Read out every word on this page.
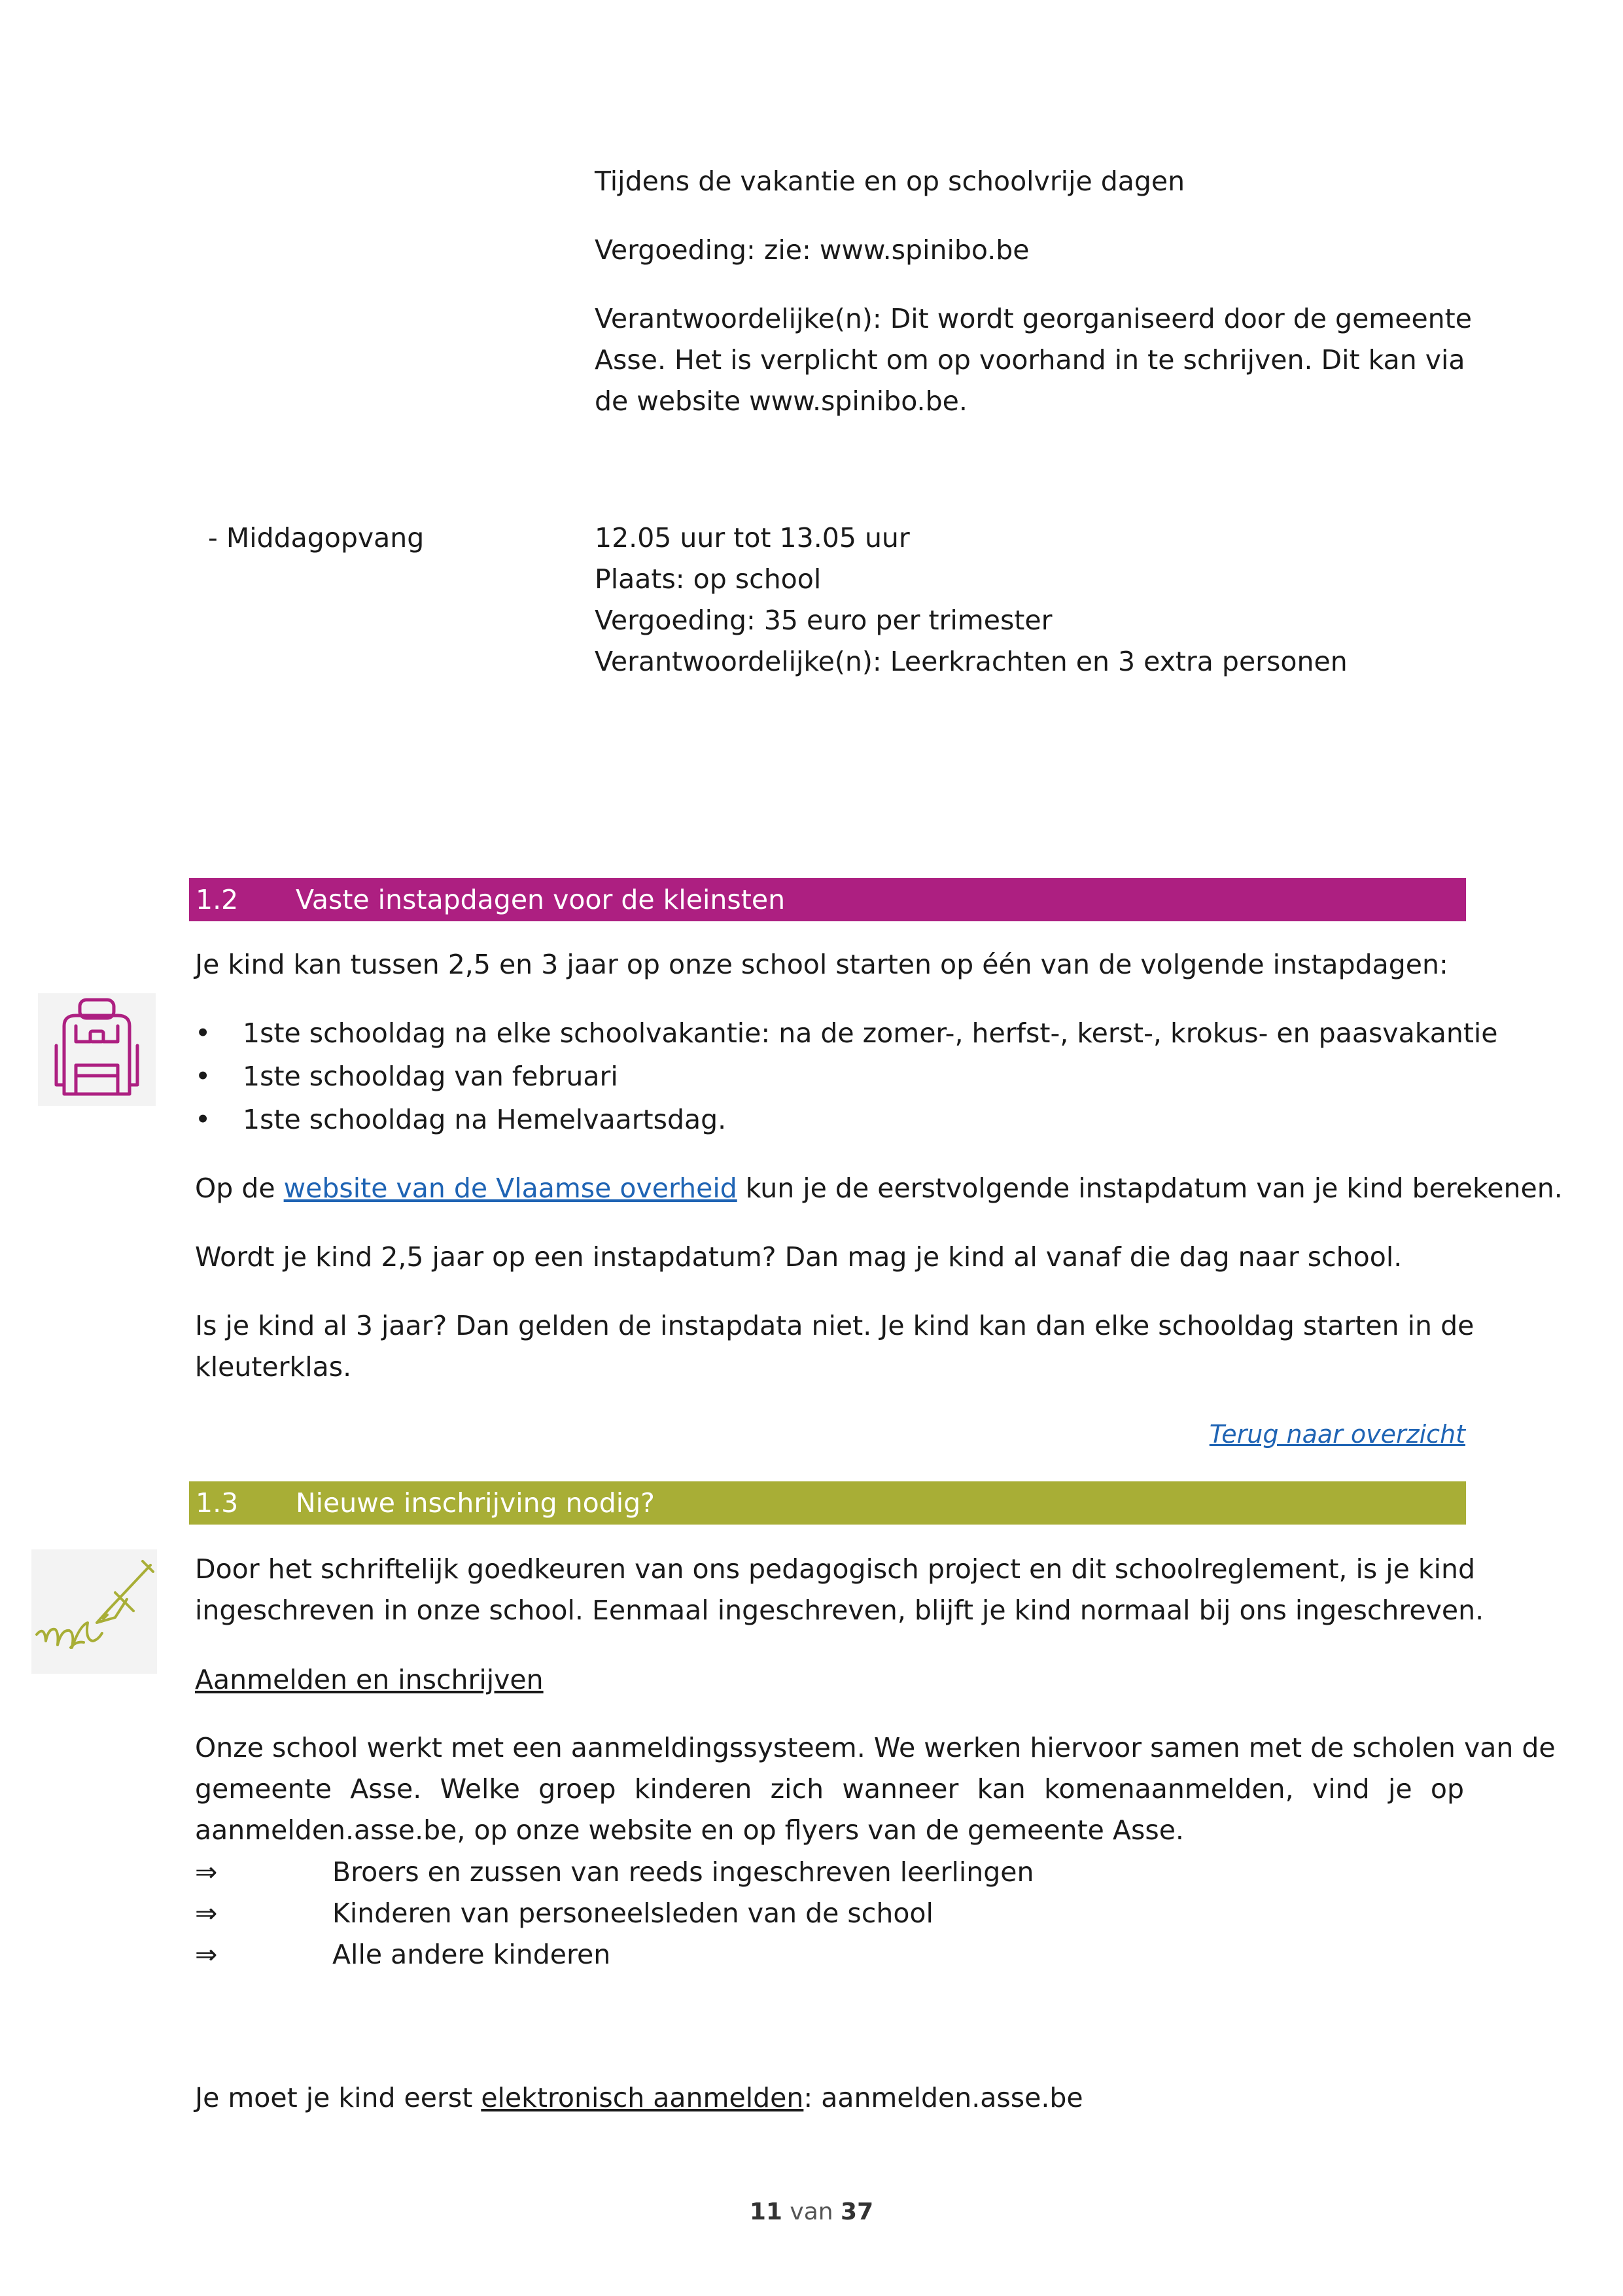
Tijdens de vakantie en op schoolvrije dagen

Vergoeding: zie: www.spinibo.be

Verantwoordelijke(n): Dit wordt georganiseerd door de gemeente

Asse. Het is verplicht om op voorhand in te schrijven. Dit kan via

de website www.spinibo.be.

- Middagopvang	12.05 uur tot 13.05 uur

Plaats: op school

Vergoeding: 35 euro per trimester

Verantwoordelijke(n): Leerkrachten en 3 extra personen

1.2 Vaste instapdagen voor de kleinsten

Je kind kan tussen 2,5 en 3 jaar op onze school starten op één van de volgende instapdagen:

•	1ste schooldag na elke schoolvakantie: na de zomer-, herfst-, kerst-, krokus- en paasvakantie
•	1ste schooldag van februari
•	1ste schooldag na Hemelvaartsdag.

Op de website van de Vlaamse overheid kun je de eerstvolgende instapdatum van je kind berekenen.

Wordt je kind 2,5 jaar op een instapdatum? Dan mag je kind al vanaf die dag naar school.

Is je kind al 3 jaar? Dan gelden de instapdata niet. Je kind kan dan elke schooldag starten in de

kleuterklas.

Terug naar overzicht
1.3 Nieuwe inschrijving nodig?

Door het schriftelijk goedkeuren van ons pedagogisch project en dit schoolreglement, is je kind

ingeschreven in onze school. Eenmaal ingeschreven, blijft je kind normaal bij ons ingeschreven.

Aanmelden en inschrijven

Onze school werkt met een aanmeldingssysteem. We werken hiervoor samen met de scholen van de

gemeente Asse. Welke groep kinderen zich wanneer kan komenaanmelden, vind je op

aanmelden.asse.be, op onze website en op flyers van de gemeente Asse.

⇒	Broers en zussen van reeds ingeschreven leerlingen
⇒	Kinderen van personeelsleden van de school
⇒	Alle andere kinderen

Je moet je kind eerst elektronisch aanmelden: aanmelden.asse.be

11 van 37
